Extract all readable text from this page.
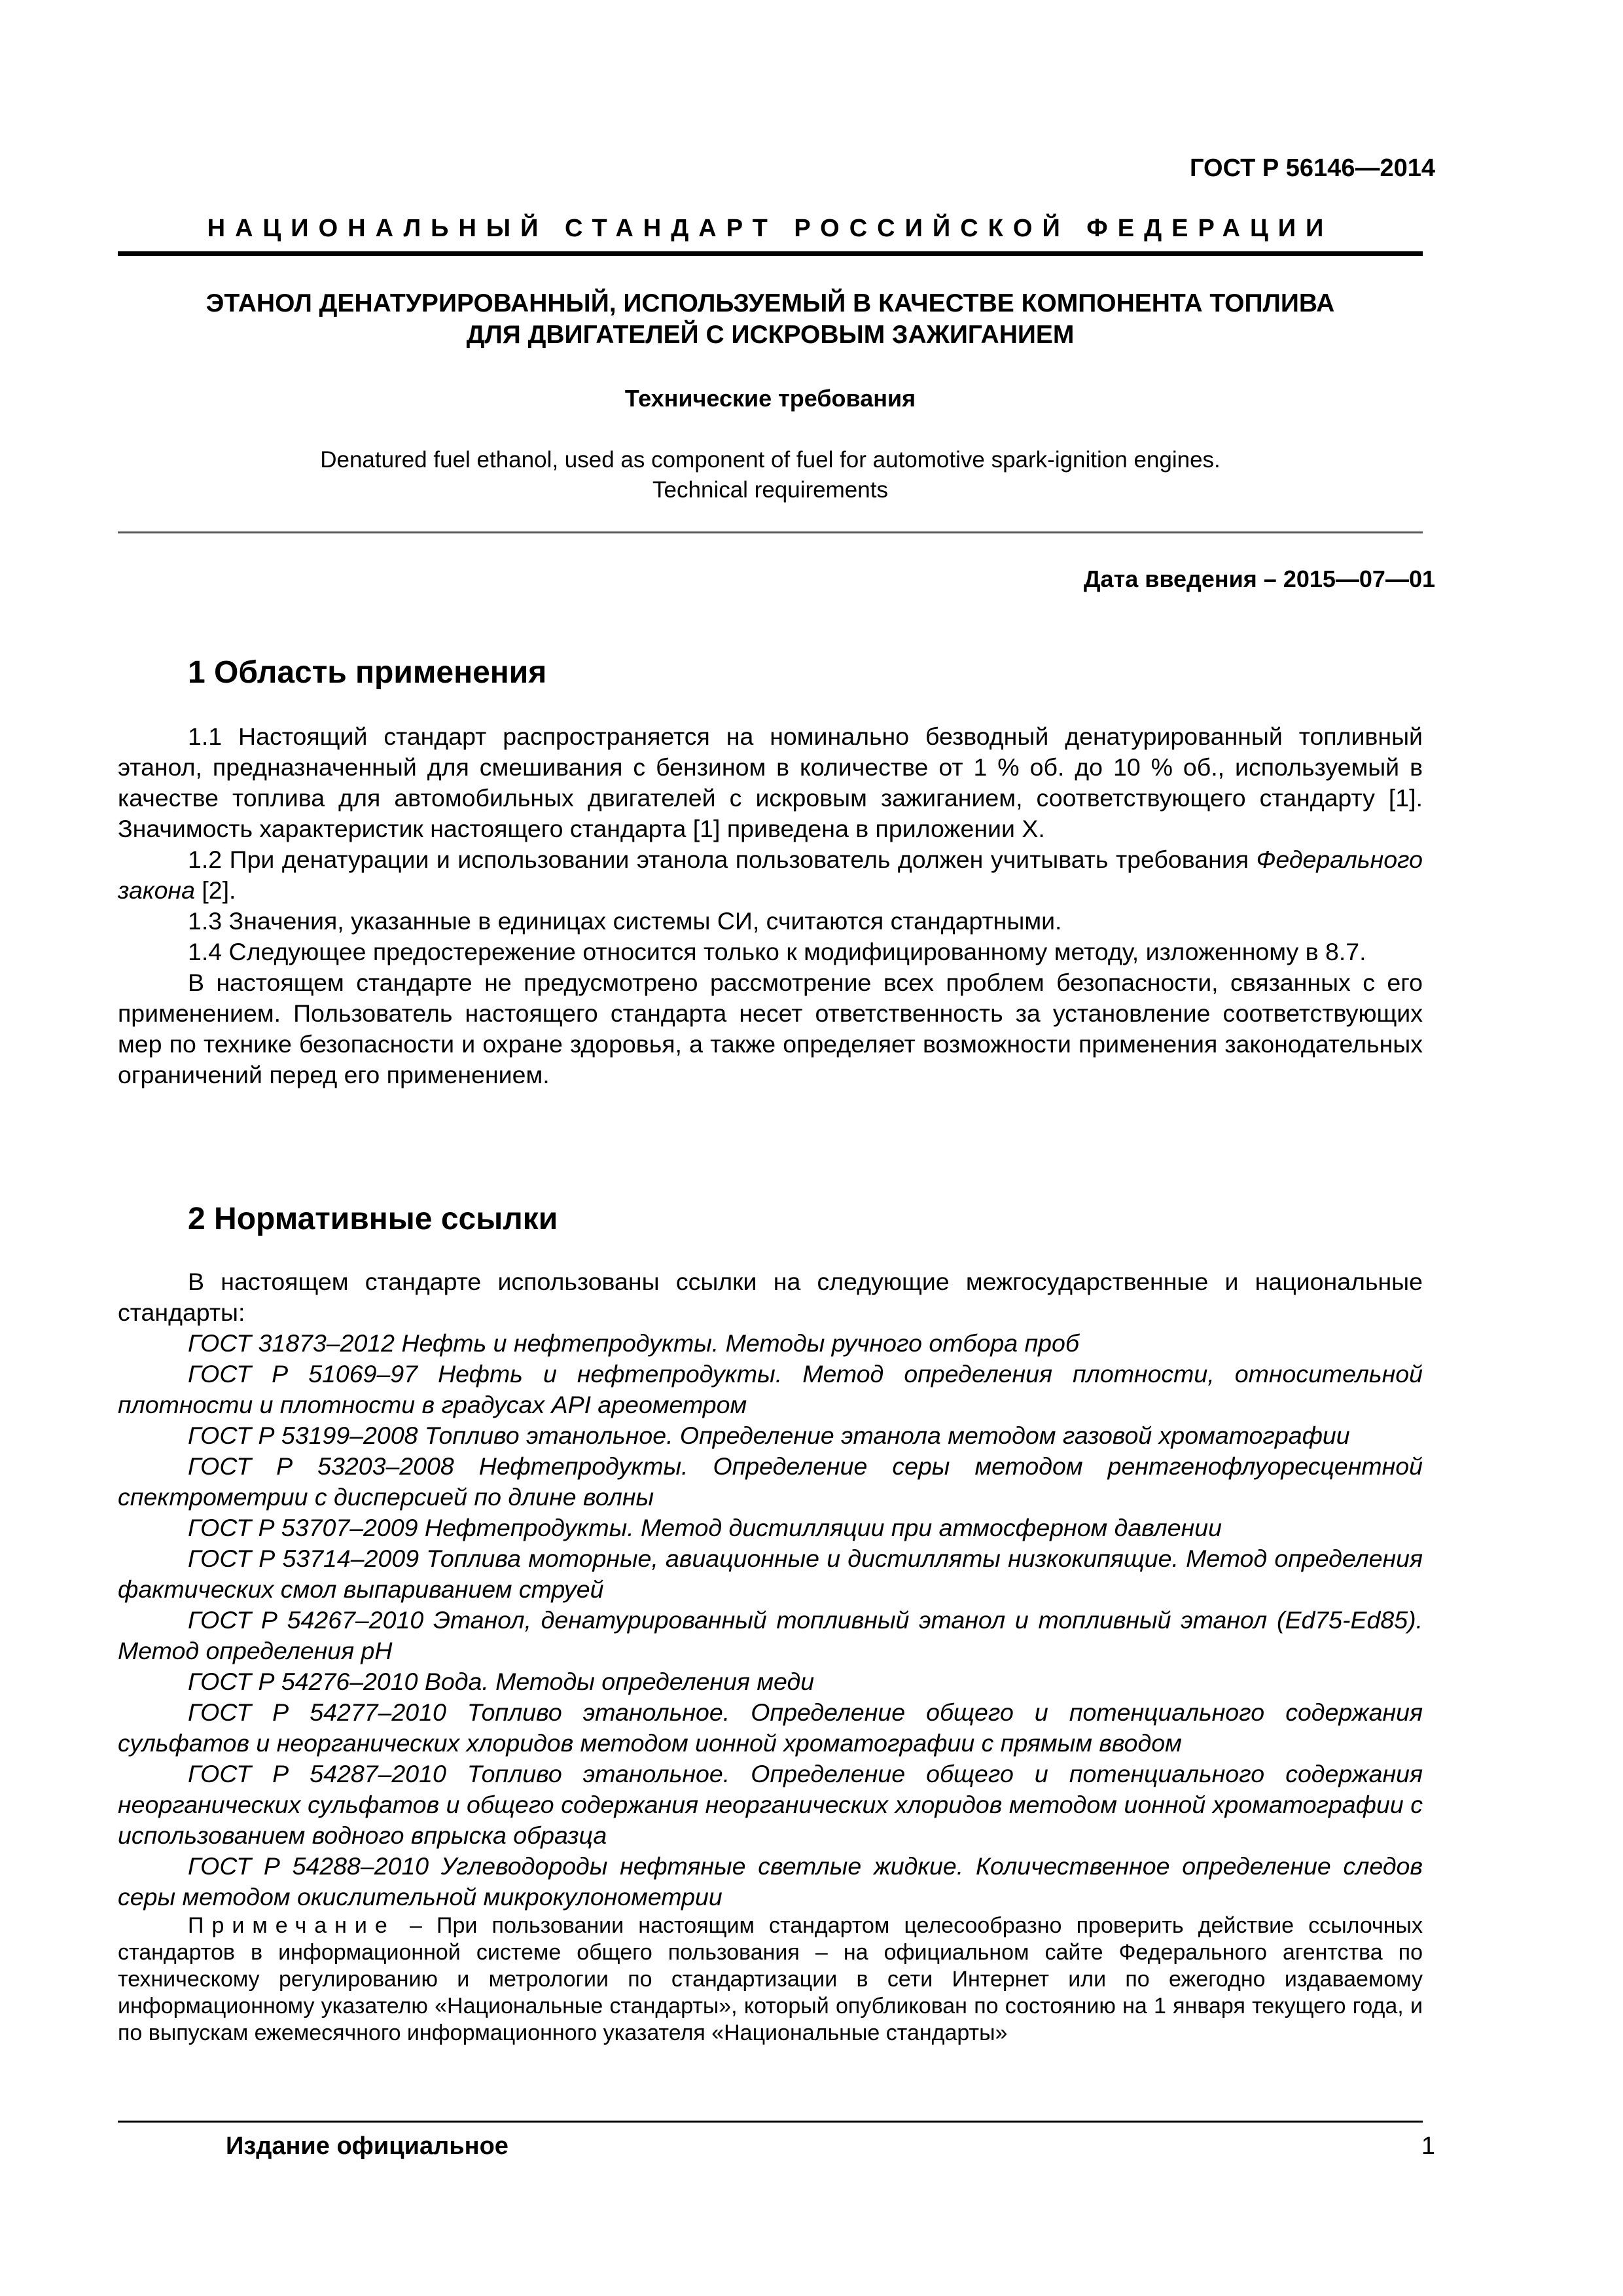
ГОСТ Р 56146—2014
НАЦИОНАЛЬНЫЙ СТАНДАРТ РОССИЙСКОЙ ФЕДЕРАЦИИ
ЭТАНОЛ ДЕНАТУРИРОВАННЫЙ, ИСПОЛЬЗУЕМЫЙ В КАЧЕСТВЕ КОМПОНЕНТА ТОПЛИВА
ДЛЯ ДВИГАТЕЛЕЙ С ИСКРОВЫМ ЗАЖИГАНИЕМ
Технические требования
Denatured fuel ethanol, used as component of fuel for automotive spark-ignition engines.
Technical requirements
Дата введения – 2015—07—01
1 Область применения

1.1 Настоящий стандарт распространяется на номинально безводный денатурированный топливный этанол, предназначенный для смешивания с бензином в количестве от 1 % об. до 10 % об., используемый в качестве топлива для автомобильных двигателей с искровым зажиганием, соответствующего стандарту [1]. Значимость характеристик настоящего стандарта [1] приведена в приложении Х.

1.2 При денатурации и использовании этанола пользователь должен учитывать требования Федерального закона [2].

1.3 Значения, указанные в единицах системы СИ, считаются стандартными.

1.4 Следующее предостережение относится только к модифицированному методу, изложенному в 8.7.

В настоящем стандарте не предусмотрено рассмотрение всех проблем безопасности, связанных с его применением. Пользователь настоящего стандарта несет ответственность за установление соответствующих мер по технике безопасности и охране здоровья, а также определяет возможности применения законодательных ограничений перед его применением.

2 Нормативные ссылки

В настоящем стандарте использованы ссылки на следующие межгосударственные и национальные стандарты:

ГОСТ 31873–2012 Нефть и нефтепродукты. Методы ручного отбора проб

ГОСТ Р 51069–97 Нефть и нефтепродукты. Метод определения плотности, относительной плотности и плотности в градусах API ареометром

ГОСТ Р 53199–2008 Топливо этанольное. Определение этанола методом газовой хроматографии

ГОСТ Р 53203–2008 Нефтепродукты. Определение серы методом рентгенофлуоресцентной спектрометрии с дисперсией по длине волны

ГОСТ Р 53707–2009 Нефтепродукты. Метод дистилляции при атмосферном давлении

ГОСТ Р 53714–2009 Топлива моторные, авиационные и дистилляты низкокипящие. Метод определения фактических смол выпариванием струей

ГОСТ Р 54267–2010 Этанол, денатурированный топливный этанол и топливный этанол (Ed75-Ed85). Метод определения pH

ГОСТ Р 54276–2010 Вода. Методы определения меди

ГОСТ Р 54277–2010 Топливо этанольное. Определение общего и потенциального содержания сульфатов и неорганических хлоридов методом ионной хроматографии с прямым вводом

ГОСТ Р 54287–2010 Топливо этанольное. Определение общего и потенциального содержания неорганических сульфатов и общего содержания неорганических хлоридов методом ионной хроматографии с использованием водного впрыска образца

ГОСТ Р 54288–2010 Углеводороды нефтяные светлые жидкие. Количественное определение следов серы методом окислительной микрокулонометрии

Примечание – При пользовании настоящим стандартом целесообразно проверить действие ссылочных стандартов в информационной системе общего пользования – на официальном сайте Федерального агентства по техническому регулированию и метрологии по стандартизации в сети Интернет или по ежегодно издаваемому информационному указателю «Национальные стандарты», который опубликован по состоянию на 1 января текущего года, и по выпускам ежемесячного информационного указателя «Национальные стандарты»

Издание официальное	1
